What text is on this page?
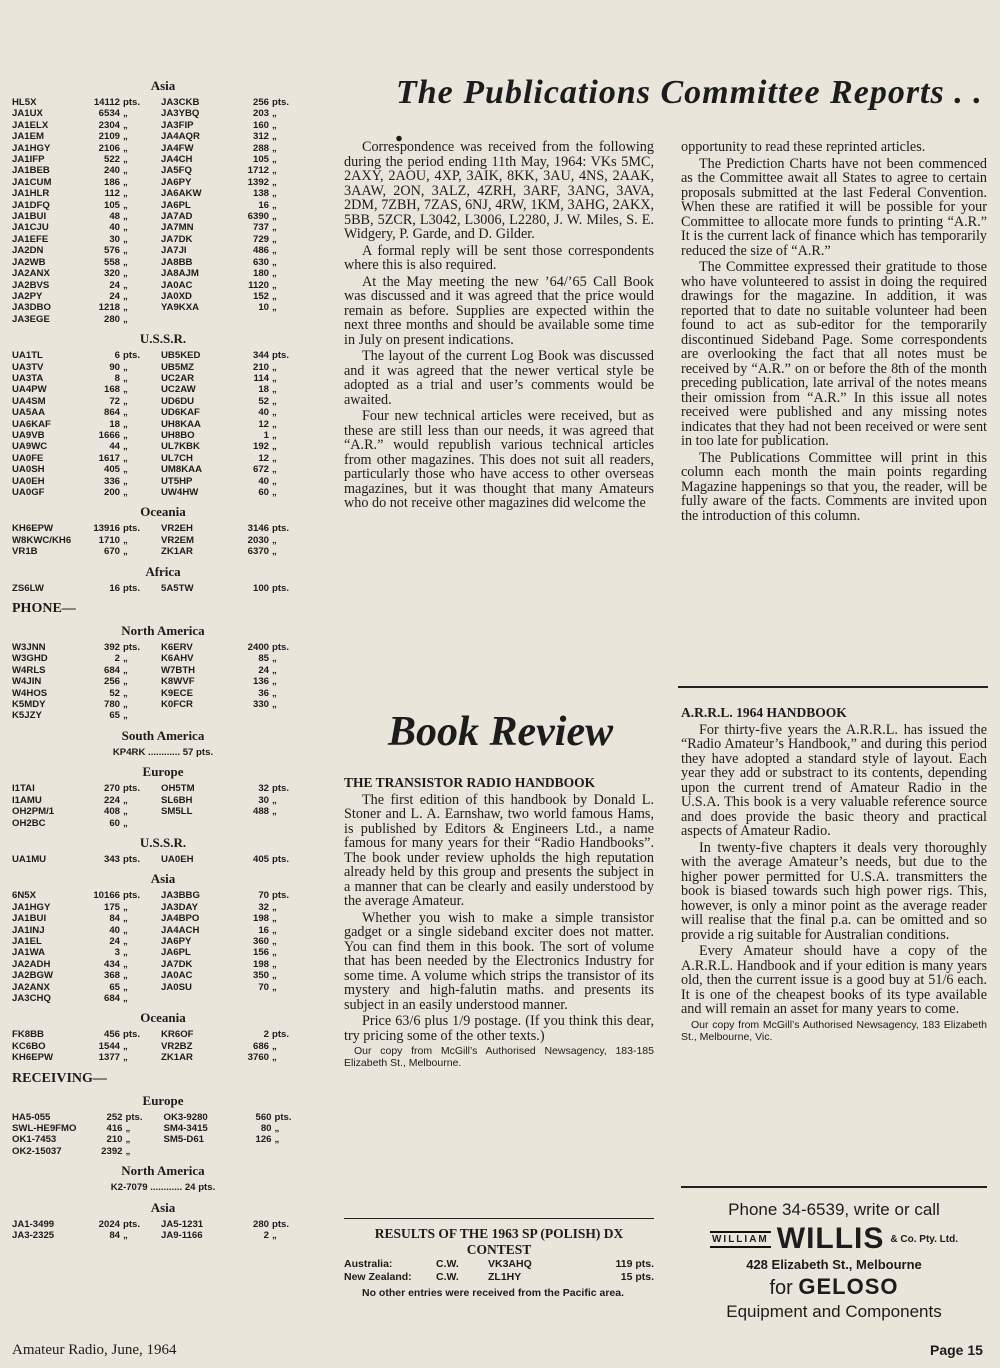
Asia
HL5X	14112	pts.	JA3CKB	256	pts.
JA1UX	6534	„	JA3YBQ	203	„
JA1ELX	2304	„	JA3FIP	160	„
JA1EM	2109	„	JA4AQR	312	„
JA1HGY	2106	„	JA4FW	288	„
JA1IFP	522	„	JA4CH	105	„
JA1BEB	240	„	JA5FQ	1712	„
JA1CUM	186	„	JA6PY	1392	„
JA1HLR	112	„	JA6AKW	138	„
JA1DFQ	105	„	JA6PL	16	„
JA1BUI	48	„	JA7AD	6390	„
JA1CJU	40	„	JA7MN	737	„
JA1EFE	30	„	JA7DK	729	„
JA2DN	576	„	JA7JI	486	„
JA2WB	558	„	JA8BB	630	„
JA2ANX	320	„	JA8AJM	180	„
JA2BVS	24	„	JA0AC	1120	„
JA2PY	24	„	JA0XD	152	„
JA3DBO	1218	„	YA9KXA	10	„
JA3EGE	280	„			
U.S.S.R.
UA1TL	6	pts.	UB5KED	344	pts.
UA3TV	90	„	UB5MZ	210	„
UA3TA	8	„	UC2AR	114	„
UA4PW	168	„	UC2AW	18	„
UA4SM	72	„	UD6DU	52	„
UA5AA	864	„	UD6KAF	40	„
UA6KAF	18	„	UH8KAA	12	„
UA9VB	1666	„	UH8BO	1	„
UA9WC	44	„	UL7KBK	192	„
UA0FE	1617	„	UL7CH	12	„
UA0SH	405	„	UM8KAA	672	„
UA0EH	336	„	UT5HP	40	„
UA0GF	200	„	UW4HW	60	„
Oceania
KH6EPW	13916	pts.	VR2EH	3146	pts.
W8KWC/KH6	1710	„	VR2EM	2030	„
VR1B	670	„	ZK1AR	6370	„
Africa
ZS6LW	16	pts.	5A5TW	100	pts.
PHONE—
North America
W3JNN	392	pts.	K6ERV	2400	pts.
W3GHD	2	„	K6AHV	85	„
W4RLS	684	„	W7BTH	24	„
W4JIN	256	„	K8WVF	136	„
W4HOS	52	„	K9ECE	36	„
K5MDY	780	„	K0FCR	330	„
K5JZY	65	„			
South America
KP4RK ............ 57 pts.
Europe
I1TAI	270	pts.	OH5TM	32	pts.
I1AMU	224	„	SL6BH	30	„
OH2PM/1	408	„	SM5LL	488	„
OH2BC	60	„			
U.S.S.R.
UA1MU	343	pts.	UA0EH	405	pts.
Asia
6N5X	10166	pts.	JA3BBG	70	pts.
JA1HGY	175	„	JA3DAY	32	„
JA1BUI	84	„	JA4BPO	198	„
JA1INJ	40	„	JA4ACH	16	„
JA1EL	24	„	JA6PY	360	„
JA1WA	3	„	JA6PL	156	„
JA2ADH	434	„	JA7DK	198	„
JA2BGW	368	„	JA0AC	350	„
JA2ANX	65	„	JA0SU	70	„
JA3CHQ	684	„			
Oceania
FK8BB	456	pts.	KR6OF	2	pts.
KC6BO	1544	„	VR2BZ	686	„
KH6EPW	1377	„	ZK1AR	3760	„
RECEIVING—
Europe
HA5-055	252	pts.	OK3-9280	560	pts.
SWL-HE9FMO	416	„	SM4-3415	80	„
OK1-7453	210	„	SM5-D61	126	„
OK2-15037	2392	„			
North America
K2-7079 ............ 24 pts.
Asia
JA1-3499	2024	pts.	JA5-1231	280	pts.
JA3-2325	84	„	JA9-1166	2	„
The Publications Committee Reports . . .

Correspondence was received from the following during the period ending 11th May, 1964: VKs 5MC, 2AXY, 2AOU, 4XP, 3AIK, 8KK, 3AU, 4NS, 2AAK, 3AAW, 2ON, 3ALZ, 4ZRH, 3ARF, 3ANG, 3AVA, 2DM, 7ZBH, 7ZAS, 6NJ, 4RW, 1KM, 3AHG, 2AKX, 5BB, 5ZCR, L3042, L3006, L2280, J. W. Miles, S. E. Widgery, P. Garde, and D. Gilder.

A formal reply will be sent those correspondents where this is also required.

At the May meeting the new ’64/’65 Call Book was discussed and it was agreed that the price would remain as before. Supplies are expected within the next three months and should be available some time in July on present indications.

The layout of the current Log Book was discussed and it was agreed that the newer vertical style be adopted as a trial and user’s comments would be awaited.

Four new technical articles were received, but as these are still less than our needs, it was agreed that “A.R.” would republish various technical articles from other magazines. This does not suit all readers, particularly those who have access to other overseas magazines, but it was thought that many Amateurs who do not receive other magazines did welcome the

opportunity to read these reprinted articles.

The Prediction Charts have not been commenced as the Committee await all States to agree to certain proposals submitted at the last Federal Convention. When these are ratified it will be possible for your Committee to allocate more funds to printing “A.R.” It is the current lack of finance which has temporarily reduced the size of “A.R.”

The Committee expressed their gratitude to those who have volunteered to assist in doing the required drawings for the magazine. In addition, it was reported that to date no suitable volunteer had been found to act as sub-editor for the temporarily discontinued Sideband Page. Some correspondents are overlooking the fact that all notes must be received by “A.R.” on or before the 8th of the month preceding publication, late arrival of the notes means their omission from “A.R.” In this issue all notes received were published and any missing notes indicates that they had not been received or were sent in too late for publication.

The Publications Committee will print in this column each month the main points regarding Magazine happenings so that you, the reader, will be fully aware of the facts. Comments are invited upon the introduction of this column.

Book Review

THE TRANSISTOR RADIO HANDBOOK

The first edition of this handbook by Donald L. Stoner and L. A. Earnshaw, two world famous Hams, is published by Editors & Engineers Ltd., a name famous for many years for their “Radio Handbooks”. The book under review upholds the high reputation already held by this group and presents the subject in a manner that can be clearly and easily understood by the average Amateur.

Whether you wish to make a simple transistor gadget or a single sideband exciter does not matter. You can find them in this book. The sort of volume that has been needed by the Electronics Industry for some time. A volume which strips the transistor of its mystery and high-falutin maths. and presents its subject in an easily understood manner.

Price 63/6 plus 1/9 postage. (If you think this dear, try pricing some of the other texts.)

Our copy from McGill’s Authorised Newsagency, 183-185 Elizabeth St., Melbourne.

A.R.R.L. 1964 HANDBOOK

For thirty-five years the A.R.R.L. has issued the “Radio Amateur’s Handbook,” and during this period they have adopted a standard style of layout. Each year they add or substract to its contents, depending upon the current trend of Amateur Radio in the U.S.A. This book is a very valuable reference source and does provide the basic theory and practical aspects of Amateur Radio.

In twenty-five chapters it deals very thoroughly with the average Amateur’s needs, but due to the higher power permitted for U.S.A. transmitters the book is biased towards such high power rigs. This, however, is only a minor point as the average reader will realise that the final p.a. can be omitted and so provide a rig suitable for Australian conditions.

Every Amateur should have a copy of the A.R.R.L. Handbook and if your edition is many years old, then the current issue is a good buy at 51/6 each. It is one of the cheapest books of its type available and will remain an asset for many years to come.

Our copy from McGill’s Authorised Newsagency, 183 Elizabeth St., Melbourne, Vic.

RESULTS OF THE 1963 SP (POLISH) DX CONTEST
Australia:	C.W.	VK3AHQ	119 pts.
New Zealand:	C.W.	ZL1HY	15 pts.
No other entries were received from the Pacific area.
Phone 34-6539, write or call
WILLIAM WILLIS & Co. Pty. Ltd.
428 Elizabeth St., Melbourne
for GELOSO
Equipment and Components
Amateur Radio, June, 1964	Page 15
